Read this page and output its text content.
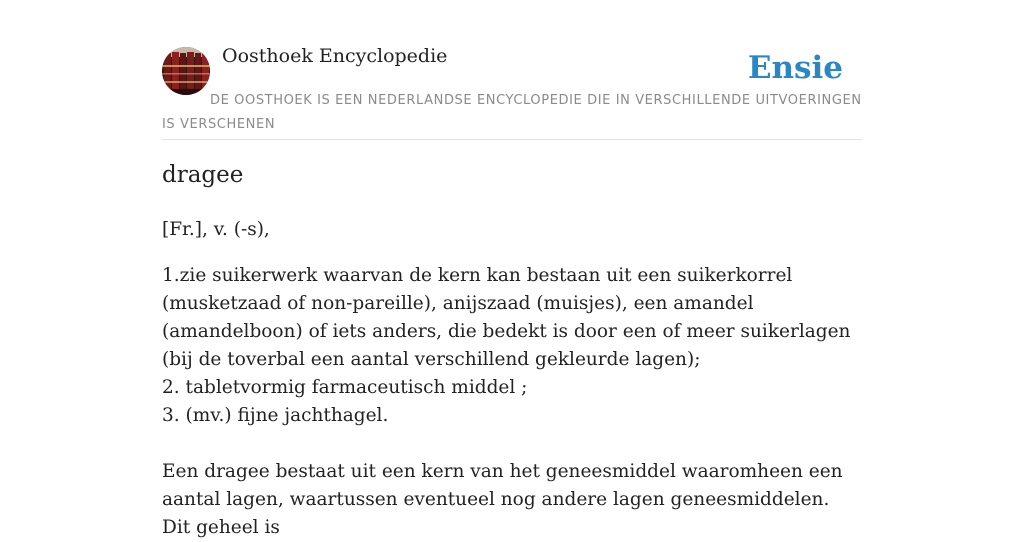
Oosthoek Encyclopedie	Ensie
DE OOSTHOEK IS EEN NEDERLANDSE ENCYCLOPEDIE DIE IN VERSCHILLENDE UITVOERINGEN IS VERSCHENEN
dragee

[Fr.], v. (-s),

1.zie suikerwerk waarvan de kern kan bestaan uit een suikerkorrel (musketzaad of non-pareille), anijszaad (muisjes), een amandel (amandelboon) of iets anders, die bedekt is door een of meer suikerlagen (bij de toverbal een aantal verschillend gekleurde lagen);
2. tabletvormig farmaceutisch middel ;
3. (mv.) fijne jachthagel.

Een dragee bestaat uit een kern van het geneesmiddel waaromheen een aantal lagen, waartussen eventueel nog andere lagen geneesmiddelen. Dit geheel is
